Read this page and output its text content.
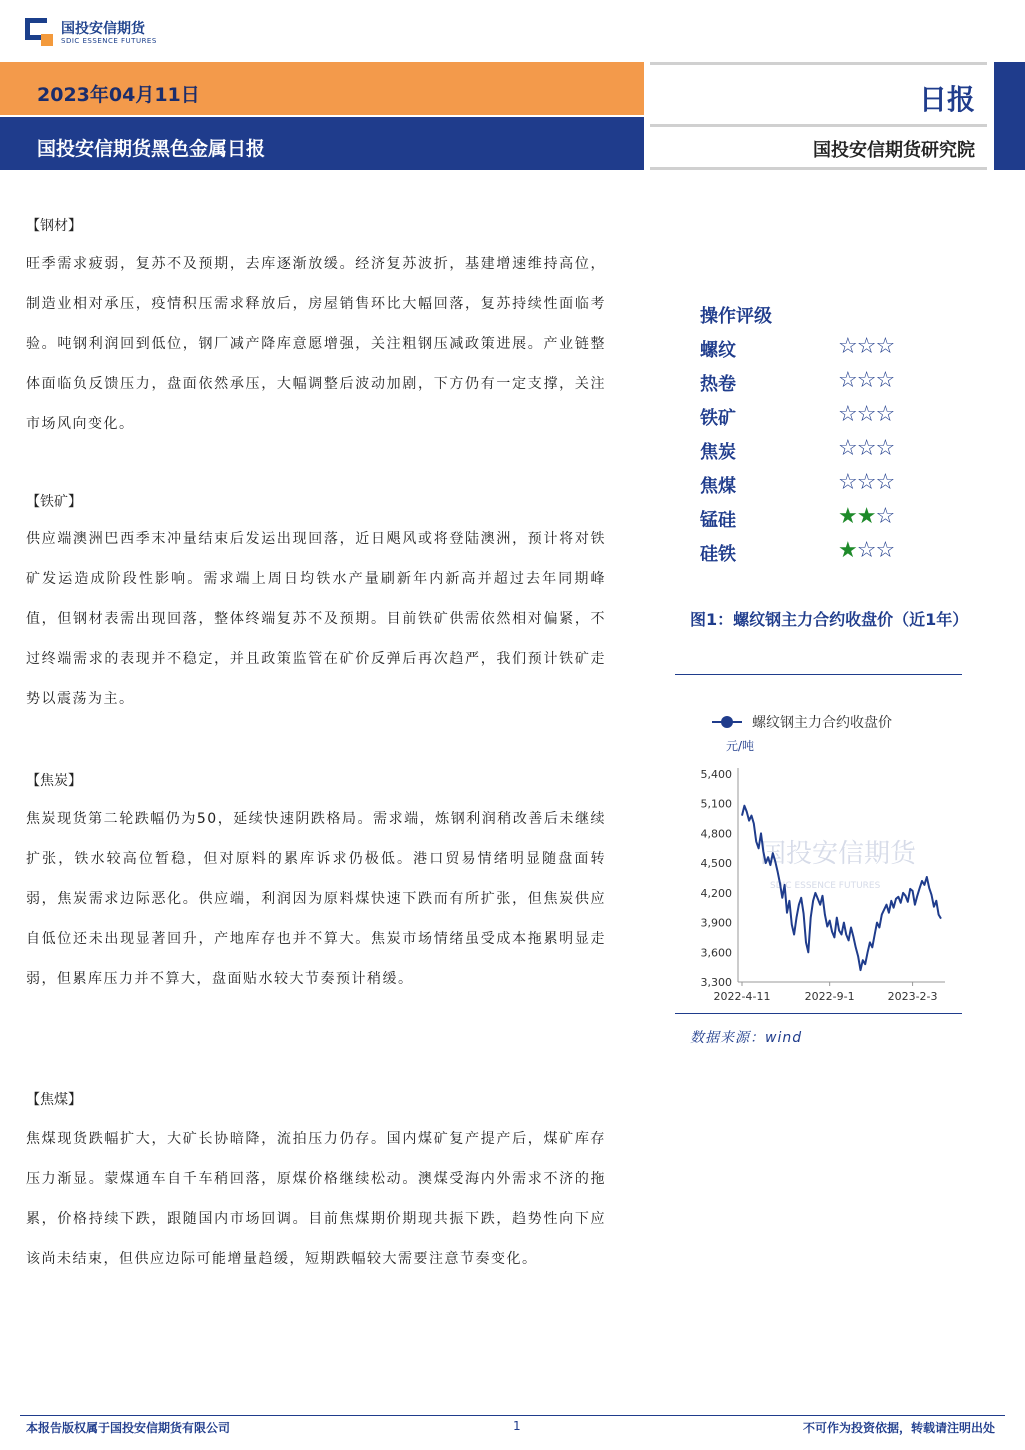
国投安信期货
SDIC ESSENCE FUTURES
2023年04月11日
国投安信期货黑色金属日报
日报
国投安信期货研究院
【钢材】
旺季需求疲弱，复苏不及预期，去库逐渐放缓。经济复苏波折，基建增速维持高位，制造业相对承压，疫情积压需求释放后，房屋销售环比大幅回落，复苏持续性面临考验。吨钢利润回到低位，钢厂减产降库意愿增强，关注粗钢压减政策进展。产业链整体面临负反馈压力，盘面依然承压，大幅调整后波动加剧，下方仍有一定支撑，关注市场风向变化。
【铁矿】
供应端澳洲巴西季末冲量结束后发运出现回落，近日飓风或将登陆澳洲，预计将对铁矿发运造成阶段性影响。需求端上周日均铁水产量刷新年内新高并超过去年同期峰值，但钢材表需出现回落，整体终端复苏不及预期。目前铁矿供需依然相对偏紧，不过终端需求的表现并不稳定，并且政策监管在矿价反弹后再次趋严，我们预计铁矿走势以震荡为主。
【焦炭】
焦炭现货第二轮跌幅仍为50，延续快速阴跌格局。需求端，炼钢利润稍改善后未继续扩张，铁水较高位暂稳，但对原料的累库诉求仍极低。港口贸易情绪明显随盘面转弱，焦炭需求边际恶化。供应端，利润因为原料煤快速下跌而有所扩张，但焦炭供应自低位还未出现显著回升，产地库存也并不算大。焦炭市场情绪虽受成本拖累明显走弱，但累库压力并不算大，盘面贴水较大节奏预计稍缓。
【焦煤】
焦煤现货跌幅扩大，大矿长协暗降，流拍压力仍存。国内煤矿复产提产后，煤矿库存压力渐显。蒙煤通车自千车稍回落，原煤价格继续松动。澳煤受海内外需求不济的拖累，价格持续下跌，跟随国内市场回调。目前焦煤期价期现共振下跌，趋势性向下应该尚未结束，但供应边际可能增量趋缓，短期跌幅较大需要注意节奏变化。
操作评级
螺纹	☆☆☆
热卷	☆☆☆
铁矿	☆☆☆
焦炭	☆☆☆
焦煤	☆☆☆
锰硅	★★☆
硅铁	★☆☆
图1：螺纹钢主力合约收盘价（近1年）
国投安信期货
SDIC ESSENCE FUTURES
螺纹钢主力合约收盘价
元/吨
5,400
5,100
4,800
4,500
4,200
3,900
3,600
3,300
2022-4-11	2022-9-1	2023-2-3
数据来源：wind
本报告版权属于国投安信期货有限公司	1	不可作为投资依据，转载请注明出处
